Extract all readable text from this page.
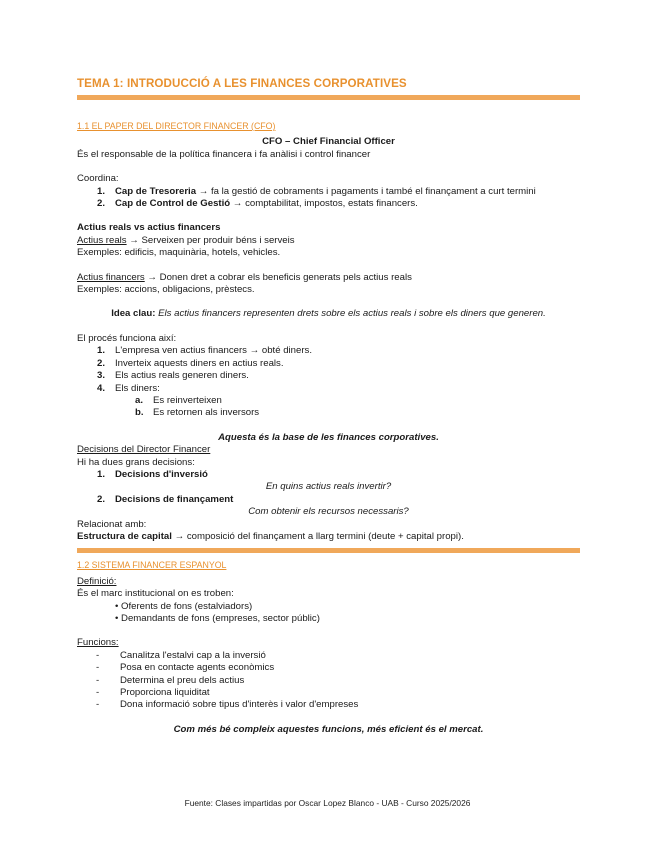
TEMA 1: INTRODUCCIÓ A LES FINANCES CORPORATIVES
1.1 EL PAPER DEL DIRECTOR FINANCER (CFO)
CFO – Chief Financial Officer

És el responsable de la política financera i fa anàlisi i control financer

Coordina:

1. Cap de Tresoreria → fa la gestió de cobraments i pagaments i també el finançament a curt termini
2. Cap de Control de Gestió → comptabilitat, impostos, estats financers.

Actius reals vs actius financers

Actius reals → Serveixen per produir béns i serveis

Exemples: edificis, maquinària, hotels, vehicles.

Actius financers → Donen dret a cobrar els beneficis generats pels actius reals

Exemples: accions, obligacions, prèstecs.

Idea clau: Els actius financers representen drets sobre els actius reals i sobre els diners que generen.

El procés funciona així:

1. L'empresa ven actius financers → obté diners.
2. Inverteix aquests diners en actius reals.
3. Els actius reals generen diners.
4. Els diners:
a. Es reinverteixen
b. Es retornen als inversors

Aquesta és la base de les finances corporatives.

Decisions del Director Financer

Hi ha dues grans decisions:

1. Decisions d'inversió

En quins actius reals invertir?

2. Decisions de finançament

Com obtenir els recursos necessaris?

Relacionat amb:

Estructura de capital → composició del finançament a llarg termini (deute + capital propi).

1.2 SISTEMA FINANCER ESPANYOL

Definició:

És el marc institucional on es troben:

• Oferents de fons (estalviadors)
• Demandants de fons (empreses, sector públic)

Funcions:

- Canalitza l'estalvi cap a la inversió
- Posa en contacte agents econòmics
- Determina el preu dels actius
- Proporciona liquiditat
- Dona informació sobre tipus d'interès i valor d'empreses

Com més bé compleix aquestes funcions, més eficient és el mercat.

Fuente: Clases impartidas por Oscar Lopez Blanco - UAB - Curso 2025/2026
